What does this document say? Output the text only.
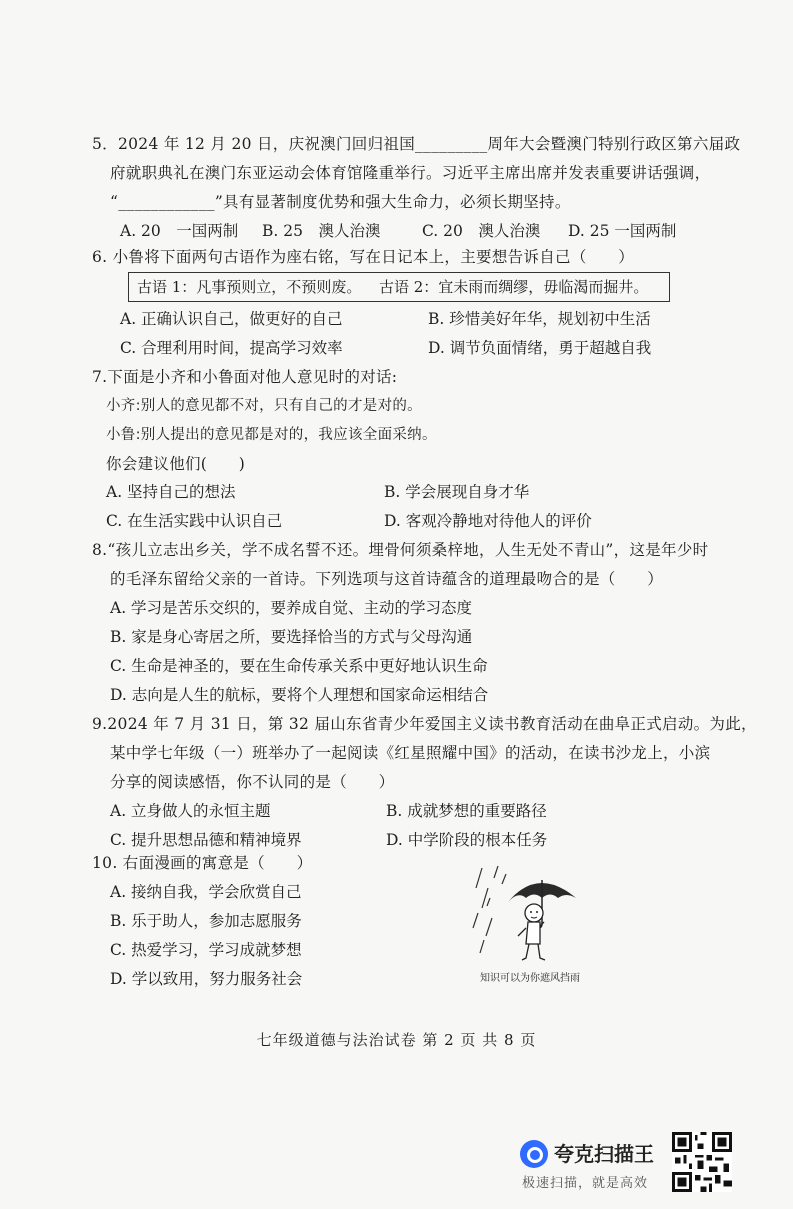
5．2024 年 12 月 20 日，庆祝澳门回归祖国_________周年大会暨澳门特别行政区第六届政
府就职典礼在澳门东亚运动会体育馆隆重举行。习近平主席出席并发表重要讲话强调，
“____________”具有显著制度优势和强大生命力，必须长期坚持。
A. 20　一国两制 B. 25　澳人治澳	C. 20　澳人治澳 D. 25 一国两制
6. 小鲁将下面两句古语作为座右铭，写在日记本上，主要想告诉自己（　　）
古语 1：凡事预则立，不预则废。 古语 2：宜未雨而绸缪，毋临渴而掘井。
A. 正确认识自己，做更好的自己	B. 珍惜美好年华，规划初中生活
C. 合理利用时间，提高学习效率	D. 调节负面情绪，勇于超越自我
7.下面是小齐和小鲁面对他人意见时的对话:
小齐:别人的意见都不对，只有自己的才是对的。
小鲁:别人提出的意见都是对的，我应该全面采纳。
你会建议他们(　　)
A. 坚持自己的想法	B. 学会展现自身才华
C. 在生活实践中认识自己	D. 客观冷静地对待他人的评价
8.“孩儿立志出乡关，学不成名誓不还。埋骨何须桑梓地，人生无处不青山”，这是年少时
的毛泽东留给父亲的一首诗。下列选项与这首诗蕴含的道理最吻合的是（　　）
A. 学习是苦乐交织的，要养成自觉、主动的学习态度
B. 家是身心寄居之所，要选择恰当的方式与父母沟通
C. 生命是神圣的，要在生命传承关系中更好地认识生命
D. 志向是人生的航标，要将个人理想和国家命运相结合
9.2024 年 7 月 31 日，第 32 届山东省青少年爱国主义读书教育活动在曲阜正式启动。为此，
某中学七年级（一）班举办了一起阅读《红星照耀中国》的活动，在读书沙龙上，小滨
分享的阅读感悟，你不认同的是（　　）
A. 立身做人的永恒主题	B. 成就梦想的重要路径
C. 提升思想品德和精神境界	D. 中学阶段的根本任务
10. 右面漫画的寓意是（　　）
A. 接纳自我，学会欣赏自己
B. 乐于助人，参加志愿服务
C. 热爱学习，学习成就梦想
D. 学以致用，努力服务社会	知识可以为你遮风挡雨
七年级道德与法治试卷 第 2 页 共 8 页
夸克扫描王
极速扫描，就是高效
